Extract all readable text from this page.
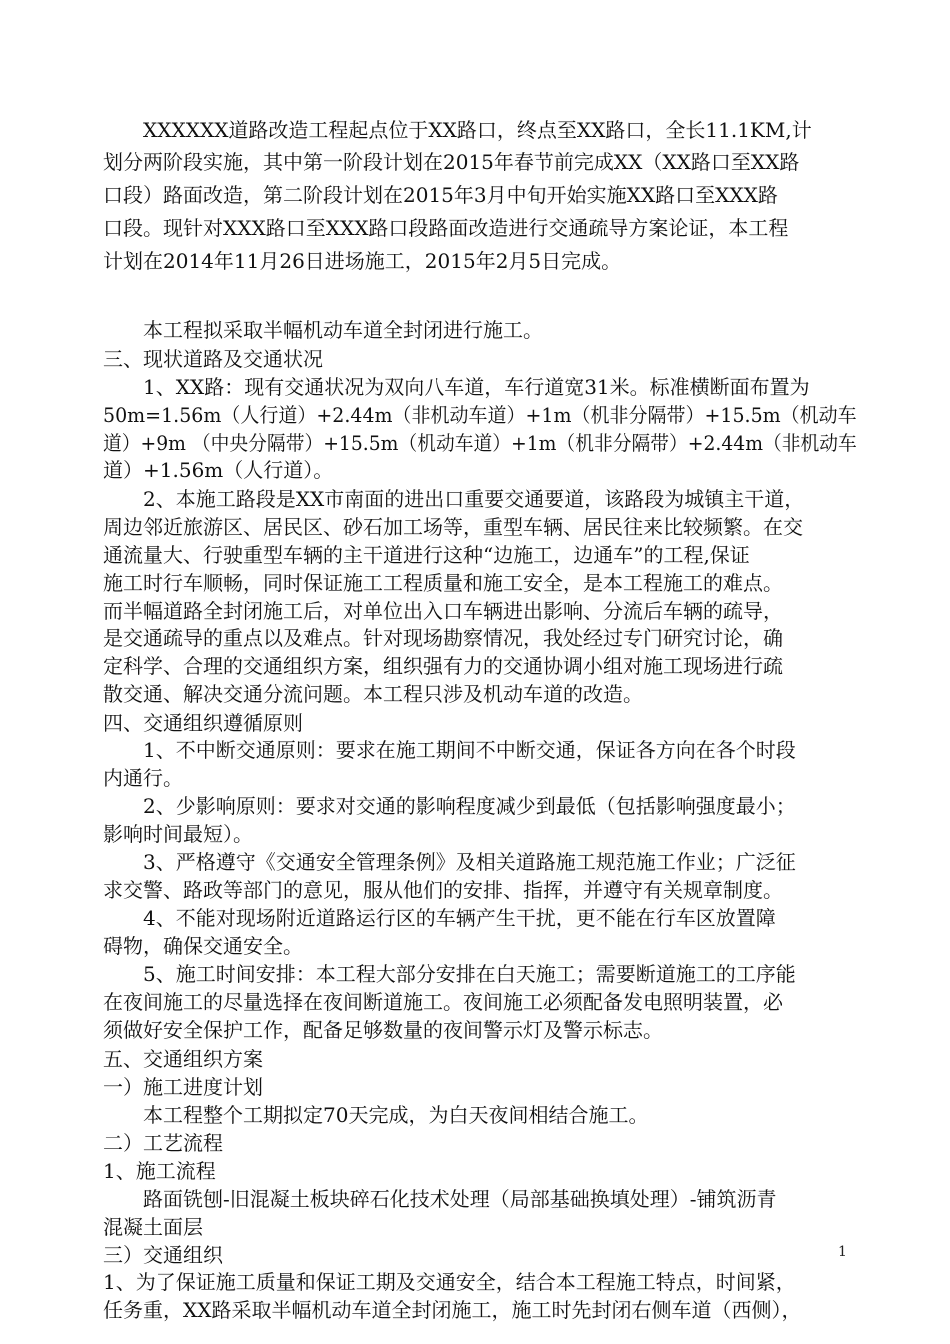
　　XXXXXX道路改造工程起点位于XX路口，终点至XX路口，全长11.1KM,计
划分两阶段实施，其中第一阶段计划在2015年春节前完成XX（XX路口至XX路
口段）路面改造，第二阶段计划在2015年3月中旬开始实施XX路口至XXX路
口段。现针对XXX路口至XXX路口段路面改造进行交通疏导方案论证，本工程
计划在2014年11月26日进场施工，2015年2月5日完成。
　　本工程拟采取半幅机动车道全封闭进行施工。
三、现状道路及交通状况
　　1、XX路：现有交通状况为双向八车道，车行道宽31米。标准横断面布置为
50m=1.56m（人行道）+2.44m（非机动车道）+1m（机非分隔带）+15.5m（机动车
道）+9m （中央分隔带）+15.5m（机动车道）+1m（机非分隔带）+2.44m（非机动车
道）+1.56m（人行道）。
　　2、本施工路段是XX市南面的进出口重要交通要道，该路段为城镇主干道，
周边邻近旅游区、居民区、砂石加工场等，重型车辆、居民往来比较频繁。在交
通流量大、行驶重型车辆的主干道进行这种“边施工，边通车”的工程,保证
施工时行车顺畅，同时保证施工工程质量和施工安全，是本工程施工的难点。
而半幅道路全封闭施工后，对单位出入口车辆进出影响、分流后车辆的疏导，
是交通疏导的重点以及难点。针对现场勘察情况，我处经过专门研究讨论，确
定科学、合理的交通组织方案，组织强有力的交通协调小组对施工现场进行疏
散交通、解决交通分流问题。本工程只涉及机动车道的改造。
四、交通组织遵循原则
　　1、不中断交通原则：要求在施工期间不中断交通，保证各方向在各个时段
内通行。
　　2、少影响原则：要求对交通的影响程度减少到最低（包括影响强度最小；
影响时间最短）。
　　3、严格遵守《交通安全管理条例》及相关道路施工规范施工作业；广泛征
求交警、路政等部门的意见，服从他们的安排、指挥，并遵守有关规章制度。
　　4、不能对现场附近道路运行区的车辆产生干扰，更不能在行车区放置障
碍物，确保交通安全。
　　5、施工时间安排：本工程大部分安排在白天施工；需要断道施工的工序能
在夜间施工的尽量选择在夜间断道施工。夜间施工必须配备发电照明装置，必
须做好安全保护工作，配备足够数量的夜间警示灯及警示标志。
五、交通组织方案
一）施工进度计划
　　本工程整个工期拟定70天完成，为白天夜间相结合施工。
二）工艺流程
1、施工流程
　　路面铣刨-旧混凝土板块碎石化技术处理（局部基础换填处理）-铺筑沥青
混凝土面层
三）交通组织
1、为了保证施工质量和保证工期及交通安全，结合本工程施工特点，时间紧，
任务重，XX路采取半幅机动车道全封闭施工，施工时先封闭右侧车道（西侧），
1
